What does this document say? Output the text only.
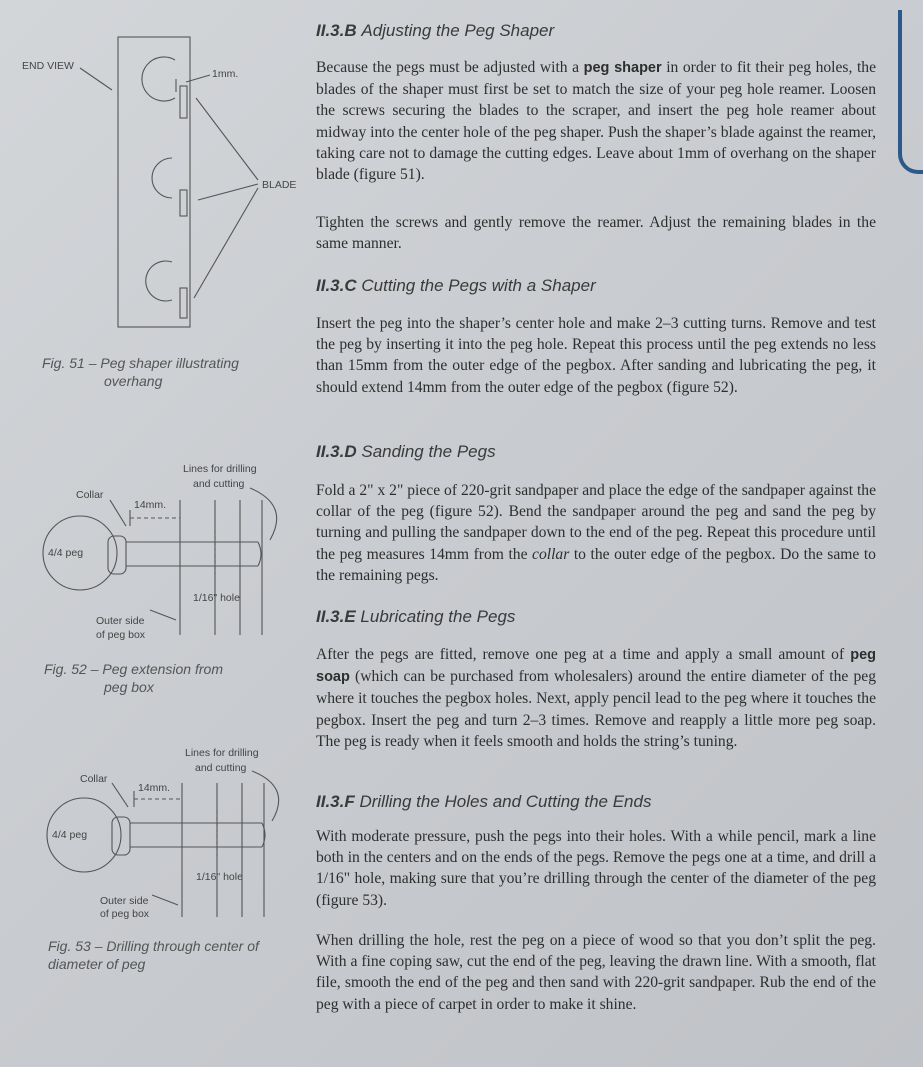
END VIEW
1mm.
BLADE
Fig. 51 – Peg shaper illustrating
overhang
Lines for drilling
and cutting
Collar
14mm.
4/4 peg
1/16" hole
Outer side
of peg box
Fig. 52 – Peg extension from
peg box
Lines for drilling
and cutting
Collar
14mm.
4/4 peg
1/16" hole
Outer side
of peg box
Fig. 53 – Drilling through center of
diameter of peg
II.3.B Adjusting the Peg Shaper

Because the pegs must be adjusted with a peg shaper in order to fit their peg holes, the blades of the shaper must first be set to match the size of your peg hole reamer. Loosen the screws securing the blades to the scraper, and insert the peg hole reamer about midway into the center hole of the peg shaper. Push the shaper’s blade against the reamer, taking care not to damage the cutting edges. Leave about 1mm of overhang on the shaper blade (figure 51).

Tighten the screws and gently remove the reamer. Adjust the remaining blades in the same manner.

II.3.C Cutting the Pegs with a Shaper

Insert the peg into the shaper’s center hole and make 2–3 cutting turns. Remove and test the peg by inserting it into the peg hole. Repeat this process until the peg extends no less than 15mm from the outer edge of the pegbox. After sanding and lubricating the peg, it should extend 14mm from the outer edge of the pegbox (figure 52).

II.3.D Sanding the Pegs

Fold a 2" x 2" piece of 220-grit sandpaper and place the edge of the sandpaper against the collar of the peg (figure 52). Bend the sandpaper around the peg and sand the peg by turning and pulling the sandpaper down to the end of the peg. Repeat this procedure until the peg measures 14mm from the collar to the outer edge of the pegbox. Do the same to the remaining pegs.

II.3.E Lubricating the Pegs

After the pegs are fitted, remove one peg at a time and apply a small amount of peg soap (which can be purchased from wholesalers) around the entire diameter of the peg where it touches the pegbox holes. Next, apply pencil lead to the peg where it touches the pegbox. Insert the peg and turn 2–3 times. Remove and reapply a little more peg soap. The peg is ready when it feels smooth and holds the string’s tuning.

II.3.F Drilling the Holes and Cutting the Ends

With moderate pressure, push the pegs into their holes. With a while pencil, mark a line both in the centers and on the ends of the pegs. Remove the pegs one at a time, and drill a 1/16" hole, making sure that you’re drilling through the center of the diameter of the peg (figure 53).

When drilling the hole, rest the peg on a piece of wood so that you don’t split the peg. With a fine coping saw, cut the end of the peg, leaving the drawn line. With a smooth, flat file, smooth the end of the peg and then sand with 220-grit sandpaper. Rub the end of the peg with a piece of carpet in order to make it shine.
